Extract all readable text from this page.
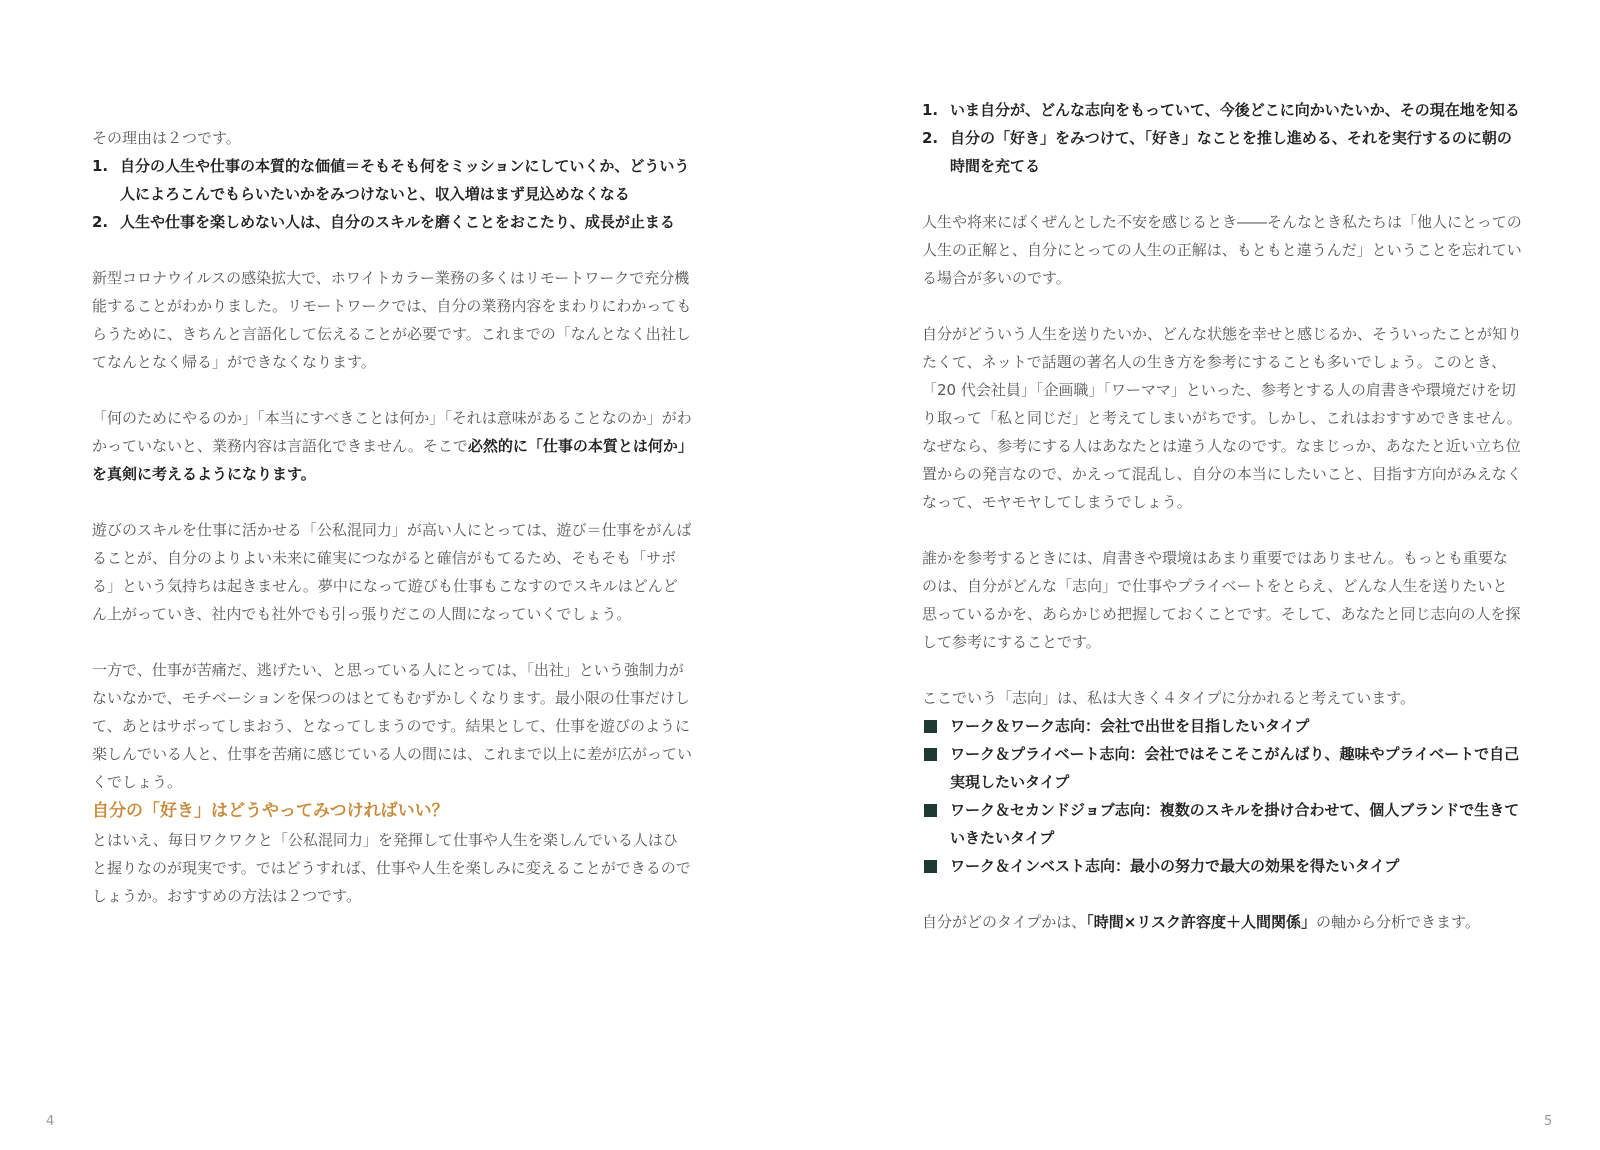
その理由は２つです。

1. 自分の人生や仕事の本質的な価値＝そもそも何をミッションにしていくか、どういう人によろこんでもらいたいかをみつけないと、収入増はまず見込めなくなる
2. 人生や仕事を楽しめない人は、自分のスキルを磨くことをおこたり、成長が止まる

新型コロナウイルスの感染拡大で、ホワイトカラー業務の多くはリモートワークで充分機能することがわかりました。リモートワークでは、自分の業務内容をまわりにわかってもらうために、きちんと言語化して伝えることが必要です。これまでの「なんとなく出社してなんとなく帰る」ができなくなります。

「何のためにやるのか」「本当にすべきことは何か」「それは意味があることなのか」がわかっていないと、業務内容は言語化できません。そこで必然的に「仕事の本質とは何か」を真剣に考えるようになります。

遊びのスキルを仕事に活かせる「公私混同力」が高い人にとっては、遊び＝仕事をがんばることが、自分のよりよい未来に確実につながると確信がもてるため、そもそも「サボる」という気持ちは起きません。夢中になって遊びも仕事もこなすのでスキルはどんどん上がっていき、社内でも社外でも引っ張りだこの人間になっていくでしょう。

一方で、仕事が苦痛だ、逃げたい、と思っている人にとっては、「出社」という強制力がないなかで、モチベーションを保つのはとてもむずかしくなります。最小限の仕事だけして、あとはサボってしまおう、となってしまうのです。結果として、仕事を遊びのように楽しんでいる人と、仕事を苦痛に感じている人の間には、これまで以上に差が広がっていくでしょう。

自分の「好き」はどうやってみつければいい？

とはいえ、毎日ワクワクと「公私混同力」を発揮して仕事や人生を楽しんでいる人はひと握りなのが現実です。ではどうすれば、仕事や人生を楽しみに変えることができるのでしょうか。おすすめの方法は２つです。

4
1. いま自分が、どんな志向をもっていて、今後どこに向かいたいか、その現在地を知る
2. 自分の「好き」をみつけて、「好き」なことを推し進める、それを実行するのに朝の時間を充てる

人生や将来にばくぜんとした不安を感じるとき――そんなとき私たちは「他人にとっての人生の正解と、自分にとっての人生の正解は、もともと違うんだ」ということを忘れている場合が多いのです。

自分がどういう人生を送りたいか、どんな状態を幸せと感じるか、そういったことが知りたくて、ネットで話題の著名人の生き方を参考にすることも多いでしょう。このとき、「20 代会社員」「企画職」「ワーママ」といった、参考とする人の肩書きや環境だけを切り取って「私と同じだ」と考えてしまいがちです。しかし、これはおすすめできません。なぜなら、参考にする人はあなたとは違う人なのです。なまじっか、あなたと近い立ち位置からの発言なので、かえって混乱し、自分の本当にしたいこと、目指す方向がみえなくなって、モヤモヤしてしまうでしょう。

誰かを参考するときには、肩書きや環境はあまり重要ではありません。もっとも重要なのは、自分がどんな「志向」で仕事やプライベートをとらえ、どんな人生を送りたいと思っているかを、あらかじめ把握しておくことです。そして、あなたと同じ志向の人を探して参考にすることです。

ここでいう「志向」は、私は大きく４タイプに分かれると考えています。

ワーク＆ワーク志向：会社で出世を目指したいタイプ
ワーク＆プライベート志向：会社ではそこそこがんばり、趣味やプライベートで自己実現したいタイプ
ワーク＆セカンドジョブ志向：複数のスキルを掛け合わせて、個人ブランドで生きていきたいタイプ
ワーク＆インベスト志向：最小の努力で最大の効果を得たいタイプ

自分がどのタイプかは、「時間×リスク許容度＋人間関係」の軸から分析できます。

5
